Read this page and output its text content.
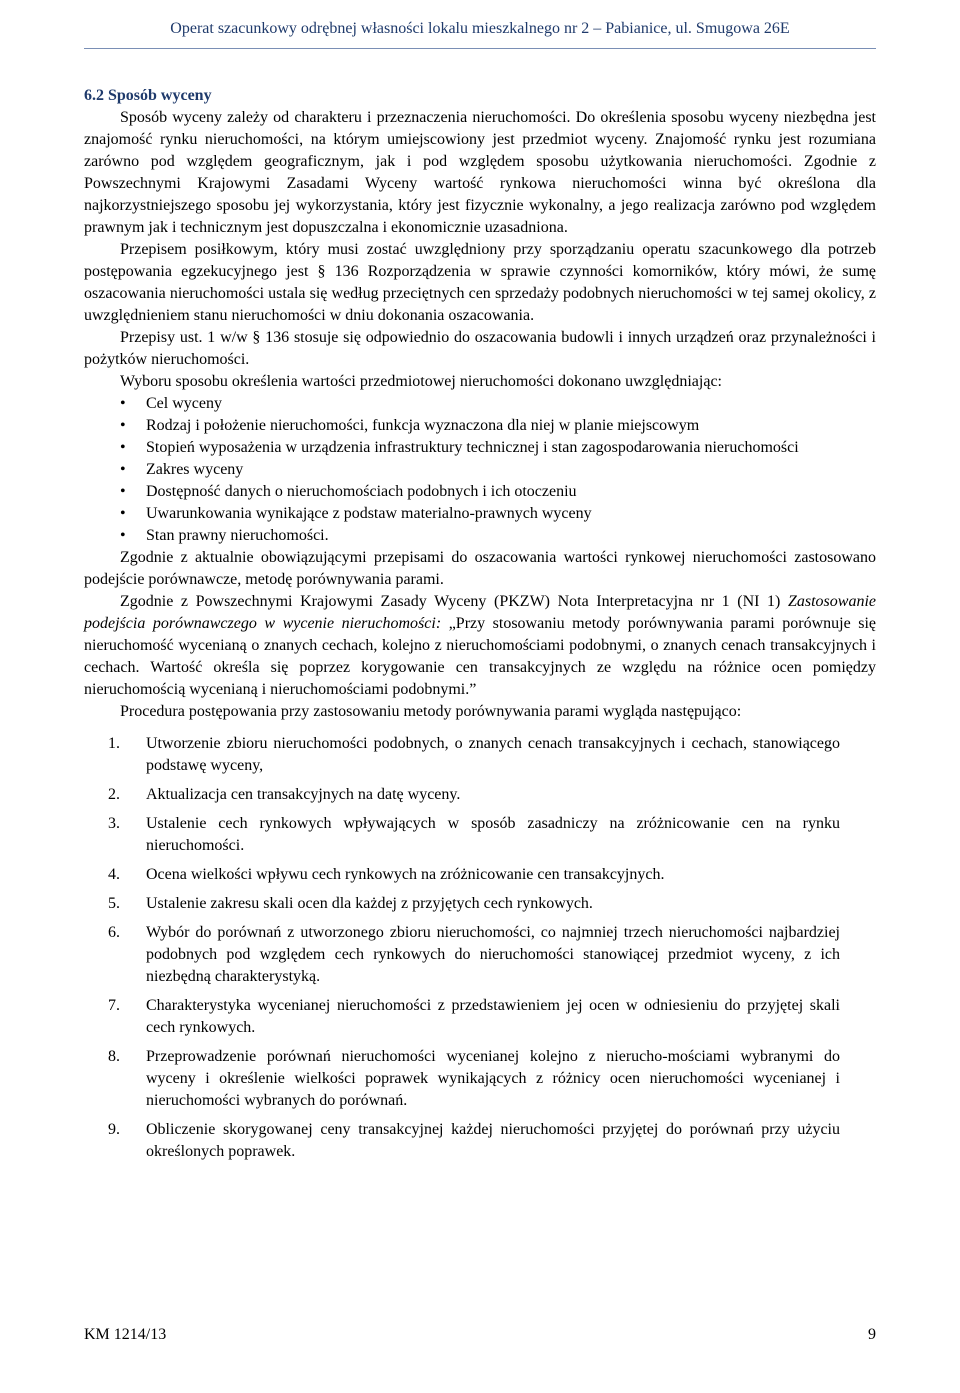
Operat szacunkowy odrębnej własności lokalu mieszkalnego nr 2 – Pabianice, ul. Smugowa 26E
6.2 Sposób wyceny

Sposób wyceny zależy od charakteru i przeznaczenia nieruchomości. Do określenia sposobu wyceny niezbędna jest znajomość rynku nieruchomości, na którym umiejscowiony jest przedmiot wyceny. Znajomość rynku jest rozumiana zarówno pod względem geograficznym, jak i pod względem sposobu użytkowania nieruchomości. Zgodnie z Powszechnymi Krajowymi Zasadami Wyceny wartość rynkowa nieruchomości winna być określona dla najkorzystniejszego sposobu jej wykorzystania, który jest fizycznie wykonalny, a jego realizacja zarówno pod względem prawnym jak i technicznym jest dopuszczalna i ekonomicznie uzasadniona.

Przepisem posiłkowym, który musi zostać uwzględniony przy sporządzaniu operatu szacunkowego dla potrzeb postępowania egzekucyjnego jest § 136 Rozporządzenia w sprawie czynności komorników, który mówi, że sumę oszacowania nieruchomości ustala się według przeciętnych cen sprzedaży podobnych nieruchomości w tej samej okolicy, z uwzględnieniem stanu nieruchomości w dniu dokonania oszacowania.

Przepisy ust. 1 w/w § 136 stosuje się odpowiednio do oszacowania budowli i innych urządzeń oraz przynależności i pożytków nieruchomości.

Wyboru sposobu określenia wartości przedmiotowej nieruchomości dokonano uwzględniając:

• Cel wyceny
• Rodzaj i położenie nieruchomości, funkcja wyznaczona dla niej w planie miejscowym
• Stopień wyposażenia w urządzenia infrastruktury technicznej i stan zagospodarowania nieruchomości
• Zakres wyceny
• Dostępność danych o nieruchomościach podobnych i ich otoczeniu
• Uwarunkowania wynikające z podstaw materialno-prawnych wyceny
• Stan prawny nieruchomości.

Zgodnie z aktualnie obowiązującymi przepisami do oszacowania wartości rynkowej nieruchomości zastosowano podejście porównawcze, metodę porównywania parami.

Zgodnie z Powszechnymi Krajowymi Zasady Wyceny (PKZW) Nota Interpretacyjna nr 1 (NI 1) Zastosowanie podejścia porównawczego w wycenie nieruchomości: „Przy stosowaniu metody porównywania parami porównuje się nieruchomość wycenianą o znanych cechach, kolejno z nieruchomościami podobnymi, o znanych cenach transakcyjnych i cechach. Wartość określa się poprzez korygowanie cen transakcyjnych ze względu na różnice ocen pomiędzy nieruchomością wycenianą i nieruchomościami podobnymi.”

Procedura postępowania przy zastosowaniu metody porównywania parami wygląda następująco:

1. Utworzenie zbioru nieruchomości podobnych, o znanych cenach transakcyjnych i cechach, stanowiącego podstawę wyceny,
2. Aktualizacja cen transakcyjnych na datę wyceny.
3. Ustalenie cech rynkowych wpływających w sposób zasadniczy na zróżnicowanie cen na rynku nieruchomości.
4. Ocena wielkości wpływu cech rynkowych na zróżnicowanie cen transakcyjnych.
5. Ustalenie zakresu skali ocen dla każdej z przyjętych cech rynkowych.
6. Wybór do porównań z utworzonego zbioru nieruchomości, co najmniej trzech nieruchomości najbardziej podobnych pod względem cech rynkowych do nieruchomości stanowiącej przedmiot wyceny, z ich niezbędną charakterystyką.
7. Charakterystyka wycenianej nieruchomości z przedstawieniem jej ocen w odniesieniu do przyjętej skali cech rynkowych.
8. Przeprowadzenie porównań nieruchomości wycenianej kolejno z nierucho-mościami wybranymi do wyceny i określenie wielkości poprawek wynikających z różnicy ocen nieruchomości wycenianej i nieruchomości wybranych do porównań.
9. Obliczenie skorygowanej ceny transakcyjnej każdej nieruchomości przyjętej do porównań przy użyciu określonych poprawek.
KM 1214/13	9
